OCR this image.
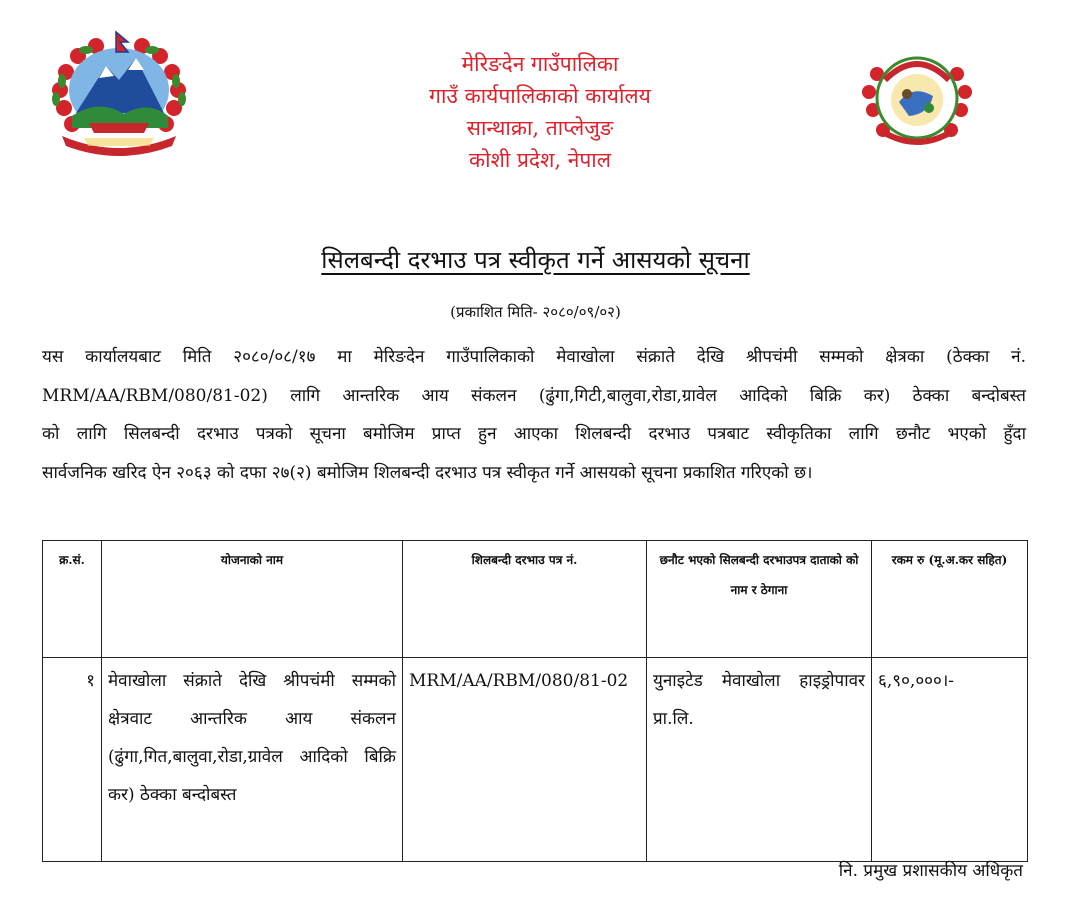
मेरिङदेन गाउँपालिका
गाउँ कार्यपालिकाको कार्यालय
सान्थाक्रा, ताप्लेजुङ
कोशी प्रदेश, नेपाल
सिलबन्दी दरभाउ पत्र स्वीकृत गर्ने आसयको सूचना
(प्रकाशित मिति- २०८०/०९/०२)
यस कार्यालयबाट मिति २०८०/०८/१७ मा मेरिङदेन गाउँपालिकाको मेवाखोला संक्राते देखि श्रीपचंमी सम्मको क्षेत्रका (ठेक्का नं.
MRM/AA/RBM/080/81-02) लागि आन्तरिक आय संकलन (ढुंगा,गिटी,बालुवा,रोडा,ग्रावेल आदिको बिक्रि कर) ठेक्का बन्दोबस्त
को लागि सिलबन्दी दरभाउ पत्रको सूचना बमोजिम प्राप्त हुन आएका शिलबन्दी दरभाउ पत्रबाट स्वीकृतिका लागि छनौट भएको हुँदा
सार्वजनिक खरिद ऐन २०६३ को दफा २७(२) बमोजिम शिलबन्दी दरभाउ पत्र स्वीकृत गर्ने आसयको सूचना प्रकाशित गरिएको छ।
क्र.सं.	योजनाको नाम	शिलबन्दी दरभाउ पत्र नं.	छनौट भएको सिलबन्दी दरभाउपत्र दाताको को नाम र ठेगाना	रकम रु (मू.अ.कर सहित)
१	मेवाखोला संक्राते देखि श्रीपचंमी सम्मको क्षेत्रवाट आन्तरिक आय संकलन (ढुंगा,गित,बालुवा,रोडा,ग्रावेल आदिको बिक्रि कर) ठेक्का बन्दोबस्त	MRM/AA/RBM/080/81-02	युनाइटेड मेवाखोला हाइड्रोपावर प्रा.लि.	६,९०,०००।-
नि. प्रमुख प्रशासकीय अधिकृत
